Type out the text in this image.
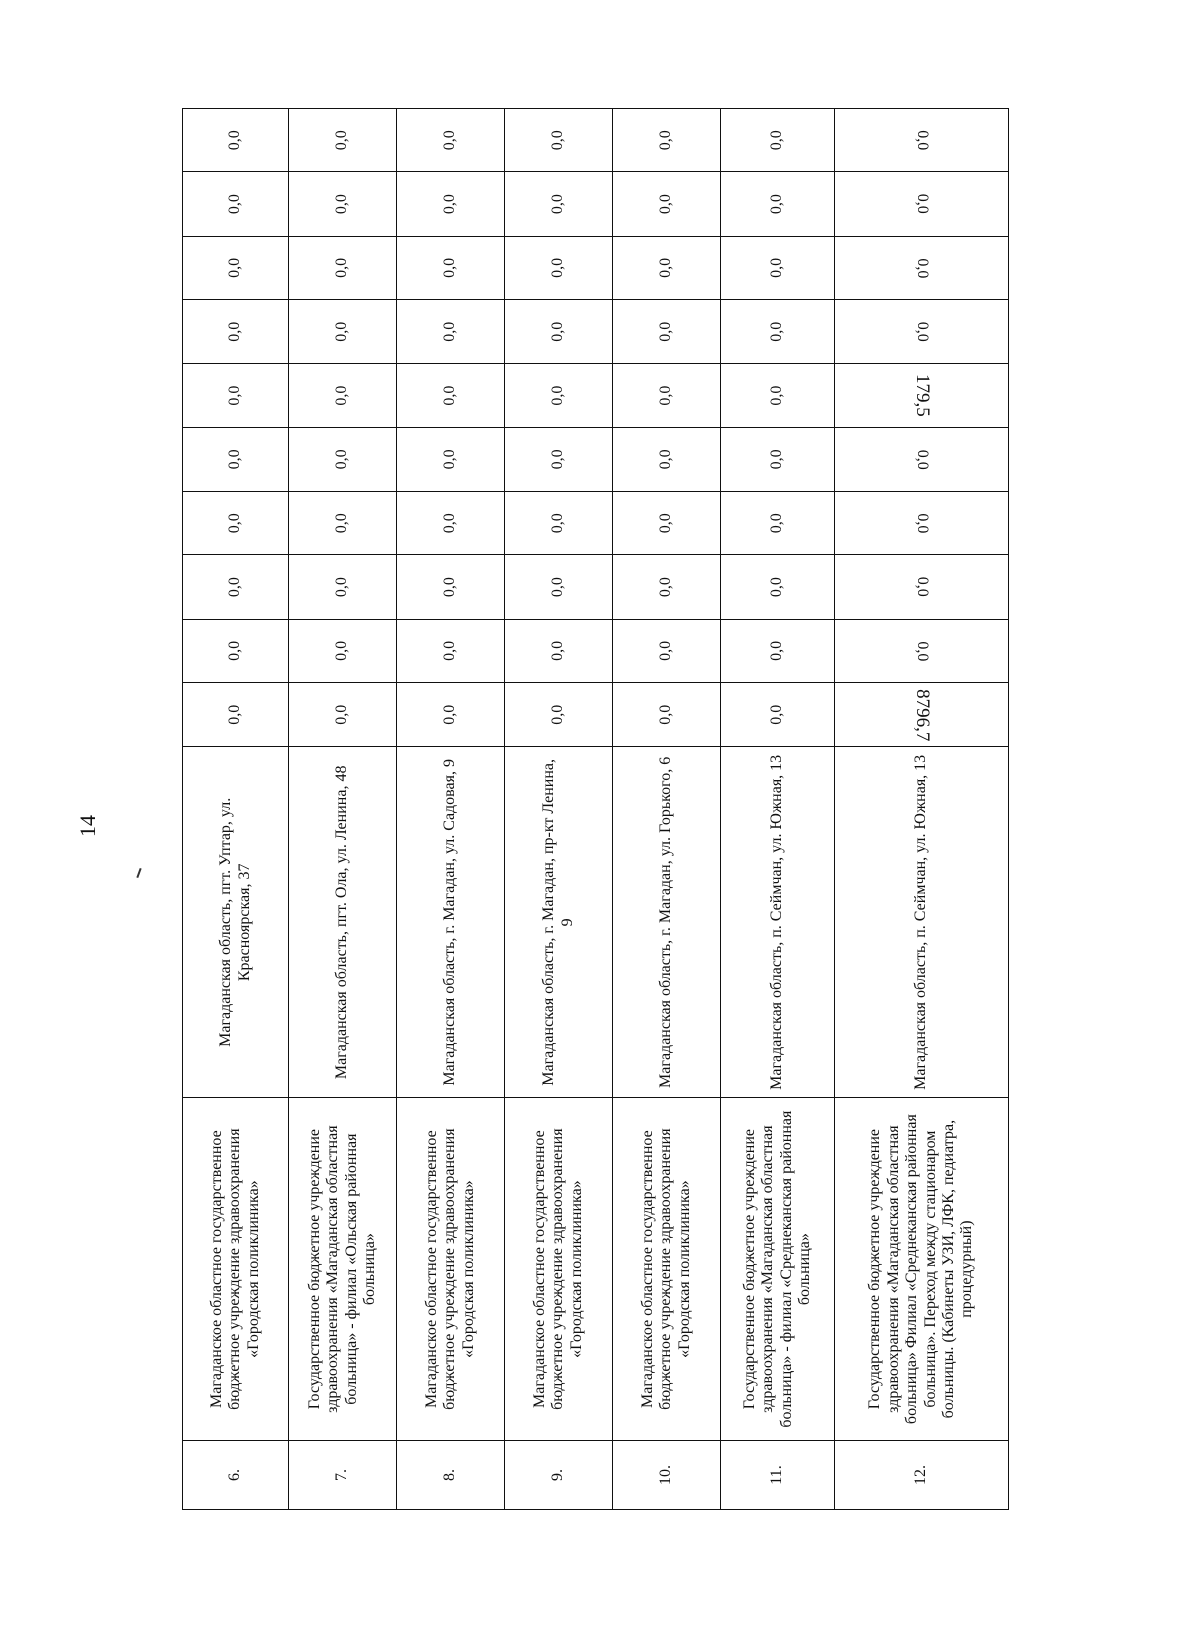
14
6.	Магаданское областное государственное бюджетное учреждение здравоохранения «Городская поликлиника»	Магаданская область, пгт. Уптар, ул. Красноярская, 37	0,0	0,0	0,0	0,0	0,0	0,0	0,0	0,0	0,0	0,0
7.	Государственное бюджетное учреждение здравоохранения «Магаданская областная больница» - филиал «Ольская районная больница»	Магаданская область, пгт. Ола, ул. Ленина, 48	0,0	0,0	0,0	0,0	0,0	0,0	0,0	0,0	0,0	0,0
8.	Магаданское областное государственное бюджетное учреждение здравоохранения «Городская поликлиника»	Магаданская область, г. Магадан, ул. Садовая, 9	0,0	0,0	0,0	0,0	0,0	0,0	0,0	0,0	0,0	0,0
9.	Магаданское областное государственное бюджетное учреждение здравоохранения «Городская поликлиника»	Магаданская область, г. Магадан, пр-кт Ленина, 9	0,0	0,0	0,0	0,0	0,0	0,0	0,0	0,0	0,0	0,0
10.	Магаданское областное государственное бюджетное учреждение здравоохранения «Городская поликлиника»	Магаданская область, г. Магадан, ул. Горького, 6	0,0	0,0	0,0	0,0	0,0	0,0	0,0	0,0	0,0	0,0
11.	Государственное бюджетное учреждение здравоохранения «Магаданская областная больница» - филиал «Среднеканская районная больница»	Магаданская область, п. Сеймчан, ул. Южная, 13	0,0	0,0	0,0	0,0	0,0	0,0	0,0	0,0	0,0	0,0
12.	Государственное бюджетное учреждение здравоохранения «Магаданская областная больница» Филиал «Среднеканская районная больница». Переход между стационаром больницы. (Кабинеты УЗИ, ЛФК, педиатра, процедурный)	Магаданская область, п. Сеймчан, ул. Южная, 13	8796,7	0,0	0,0	0,0	0,0	179,5	0,0	0,0	0,0	0,0
